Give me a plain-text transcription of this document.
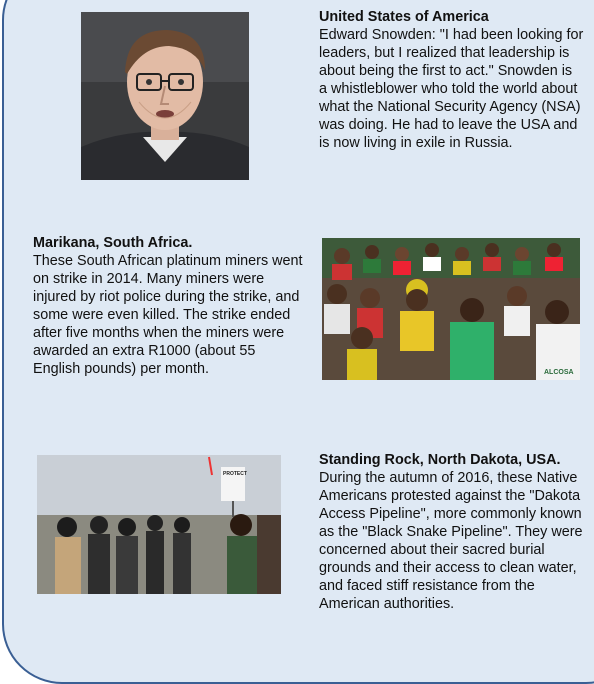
United States of America
Edward Snowden: "I had been looking for leaders, but I realized that leadership is about being the first to act." Snowden is a whistleblower who told the world about what the National Security Agency (NSA) was doing. He had to leave the USA and is now living in exile in Russia.
Marikana, South Africa.
These South African platinum miners went on strike in 2014. Many miners were injured by riot police during the strike, and some were even killed. The strike ended after five months when the miners were awarded an extra R1000 (about 55 English pounds) per month.	ALCOSA
PROTECT
Standing Rock, North Dakota, USA.
During the autumn of 2016, these Native Americans protested against the "Dakota Access Pipeline", more commonly known as the "Black Snake Pipeline". They were concerned about their sacred burial grounds and their access to clean water, and faced stiff resistance from the American authorities.
